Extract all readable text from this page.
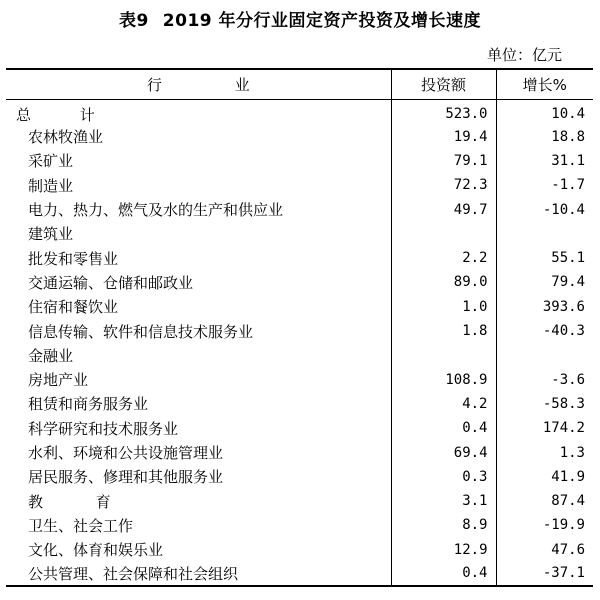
表9 2019 年分行业固定资产投资及增长速度
单位：亿元
行 业	投资额	增长%
总 计	523.0	10.4
农林牧渔业	19.4	18.8
采矿业	79.1	31.1
制造业	72.3	-1.7
电力、热力、燃气及水的生产和供应业	49.7	-10.4
建筑业		
批发和零售业	2.2	55.1
交通运输、仓储和邮政业	89.0	79.4
住宿和餐饮业	1.0	393.6
信息传输、软件和信息技术服务业	1.8	-40.3
金融业		
房地产业	108.9	-3.6
租赁和商务服务业	4.2	-58.3
科学研究和技术服务业	0.4	174.2
水利、环境和公共设施管理业	69.4	1.3
居民服务、修理和其他服务业	0.3	41.9
教 育	3.1	87.4
卫生、社会工作	8.9	-19.9
文化、体育和娱乐业	12.9	47.6
公共管理、社会保障和社会组织	0.4	-37.1
